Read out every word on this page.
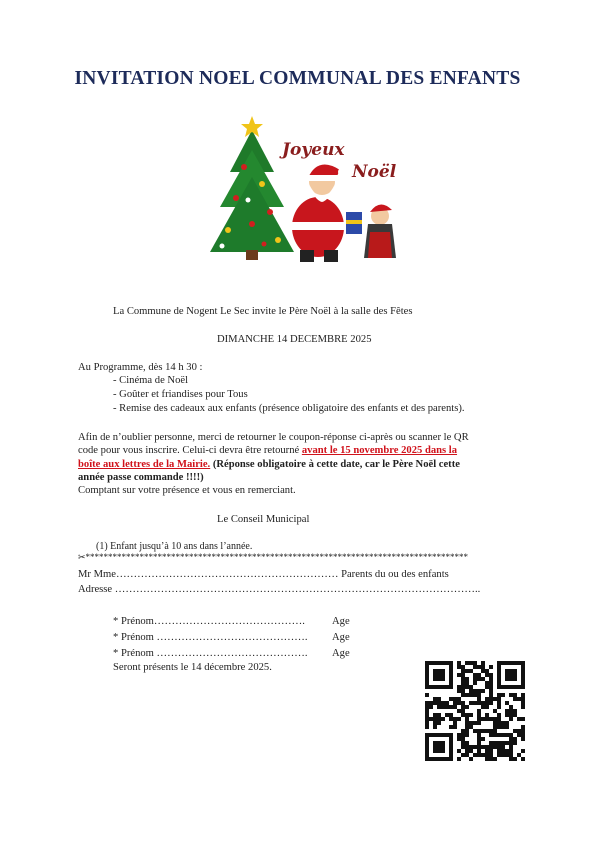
INVITATION NOEL COMMUNAL DES ENFANTS
Joyeux
Noël
La Commune de Nogent Le Sec invite le Père Noël à la salle des Fêtes
DIMANCHE 14 DECEMBRE 2025
Au Programme, dès 14 h 30 :
- Cinéma de Noël
- Goûter et friandises pour Tous
- Remise des cadeaux aux enfants (présence obligatoire des enfants et des parents).
Afin de n’oublier personne, merci de retourner le coupon-réponse ci-après ou scanner le QR
code pour vous inscrire. Celui-ci devra être retourné avant le 15 novembre 2025 dans la
boîte aux lettres de la Mairie. (Réponse obligatoire à cette date, car le Père Noël cette
année passe commande !!!!)
Comptant sur votre présence et vous en remerciant.
Le Conseil Municipal
(1) Enfant jusqu’à 10 ans dans l’année.
✂*************************************************************************************
Mr Mme……………………………………………………… Parents du ou des enfants
Adresse …………………………………………………………………………………………..
* Prénom…………………………………….	Age
* Prénom ……………………………………. Age
* Prénom ……………………………………. Age
Seront présents le 14 décembre 2025.
